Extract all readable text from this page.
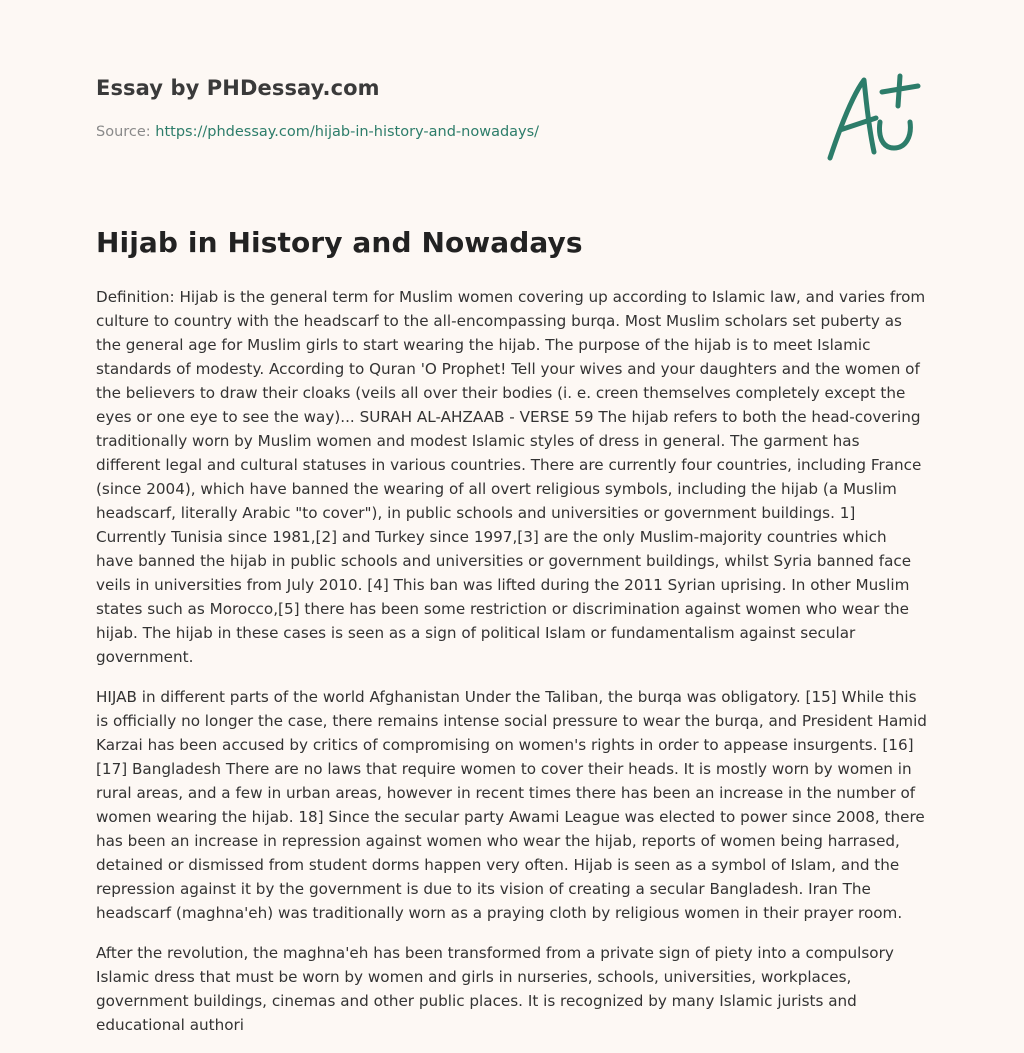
Essay by PHDessay.com
Source: https://phdessay.com/hijab-in-history-and-nowadays/
Hijab in History and Nowadays

Definition: Hijab is the general term for Muslim women covering up according to Islamic law, and varies from culture to country with the headscarf to the all-encompassing burqa. Most Muslim scholars set puberty as the general age for Muslim girls to start wearing the hijab. The purpose of the hijab is to meet Islamic standards of modesty. According to Quran 'O Prophet! Tell your wives and your daughters and the women of the believers to draw their cloaks (veils all over their bodies (i. e. creen themselves completely except the eyes or one eye to see the way)... SURAH AL-AHZAAB - VERSE 59 The hijab refers to both the head-covering traditionally worn by Muslim women and modest Islamic styles of dress in general. The garment has different legal and cultural statuses in various countries. There are currently four countries, including France (since 2004), which have banned the wearing of all overt religious symbols, including the hijab (a Muslim headscarf, literally Arabic "to cover"), in public schools and universities or government buildings. 1] Currently Tunisia since 1981,[2] and Turkey since 1997,[3] are the only Muslim-majority countries which have banned the hijab in public schools and universities or government buildings, whilst Syria banned face veils in universities from July 2010. [4] This ban was lifted during the 2011 Syrian uprising. In other Muslim states such as Morocco,[5] there has been some restriction or discrimination against women who wear the hijab. The hijab in these cases is seen as a sign of political Islam or fundamentalism against secular government.

HIJAB in different parts of the world Afghanistan Under the Taliban, the burqa was obligatory. [15] While this is officially no longer the case, there remains intense social pressure to wear the burqa, and President Hamid Karzai has been accused by critics of compromising on women's rights in order to appease insurgents. [16][17] Bangladesh There are no laws that require women to cover their heads. It is mostly worn by women in rural areas, and a few in urban areas, however in recent times there has been an increase in the number of women wearing the hijab. 18] Since the secular party Awami League was elected to power since 2008, there has been an increase in repression against women who wear the hijab, reports of women being harrased, detained or dismissed from student dorms happen very often. Hijab is seen as a symbol of Islam, and the repression against it by the government is due to its vision of creating a secular Bangladesh. Iran The headscarf (maghna'eh) was traditionally worn as a praying cloth by religious women in their prayer room.

After the revolution, the maghna'eh has been transformed from a private sign of piety into a compulsory Islamic dress that must be worn by women and girls in nurseries, schools, universities, workplaces, government buildings, cinemas and other public places. It is recognized by many Islamic jurists and educational authori
